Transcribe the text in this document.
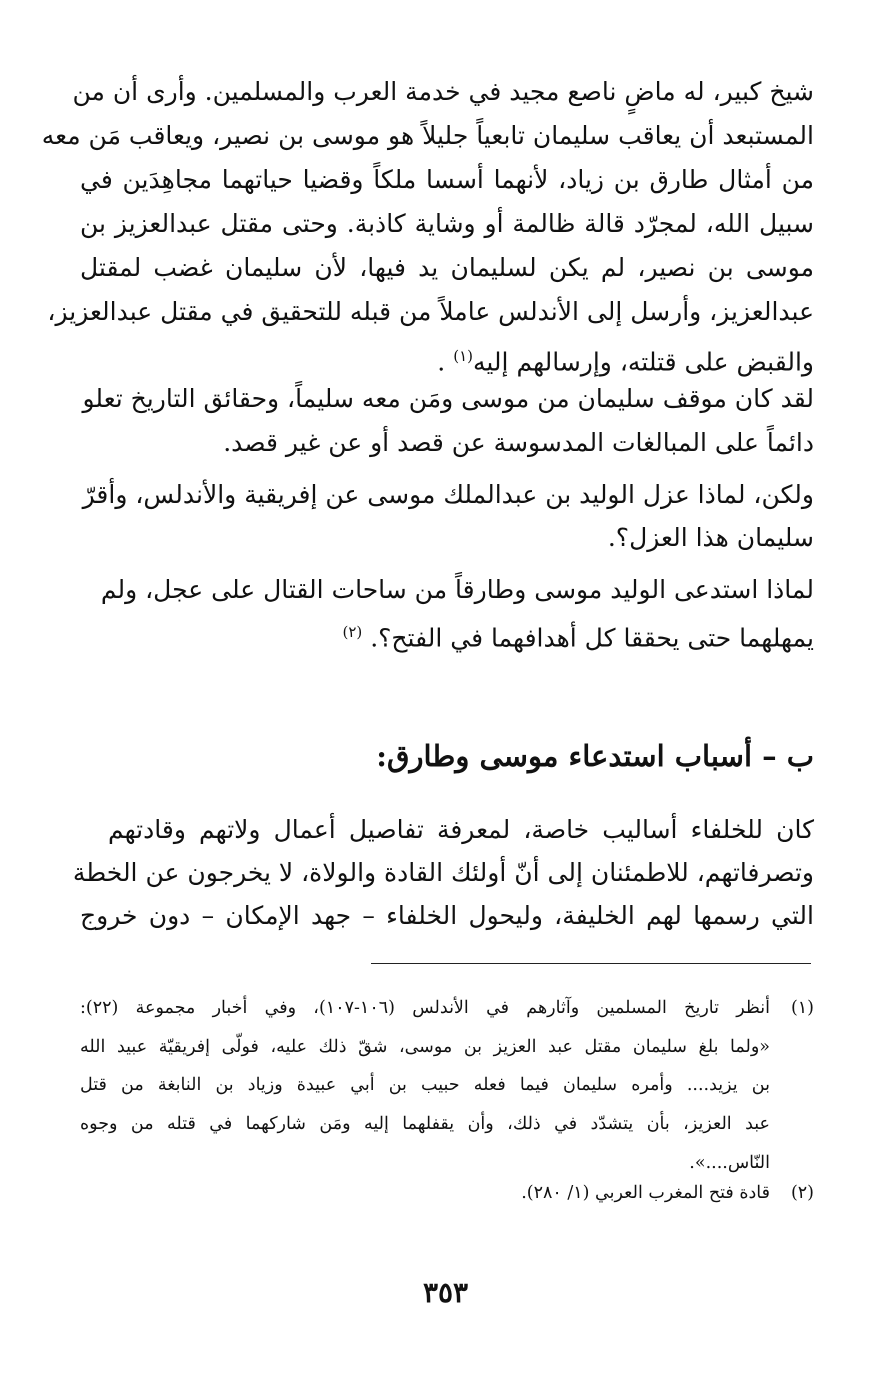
شيخ كبير، له ماضٍ ناصع مجيد في خدمة العرب والمسلمين. وأرى أن من
المستبعد أن يعاقب سليمان تابعياً جليلاً هو موسى بن نصير، ويعاقب مَن معه
من أمثال طارق بن زياد، لأنهما أسسا ملكاً وقضيا حياتهما مجاهِدَين في
سبيل الله، لمجرّد قالة ظالمة أو وشاية كاذبة. وحتى مقتل عبدالعزيز بن
موسى بن نصير، لم يكن لسليمان يد فيها، لأن سليمان غضب لمقتل
عبدالعزيز، وأرسل إلى الأندلس عاملاً من قبله للتحقيق في مقتل عبدالعزيز،
والقبض على قتلته، وإرسالهم إليه$^{(١)}$ .
لقد كان موقف سليمان من موسى ومَن معه سليماً، وحقائق التاريخ تعلو
دائماً على المبالغات المدسوسة عن قصد أو عن غير قصد.
ولكن، لماذا عزل الوليد بن عبدالملك موسى عن إفريقية والأندلس، وأقرّ
سليمان هذا العزل؟.
لماذا استدعى الوليد موسى وطارقاً من ساحات القتال على عجل، ولم
يمهلهما حتى يحققا كل أهدافهما في الفتح؟. $^{(٢)}$
ب – أسباب استدعاء موسى وطارق:
كان للخلفاء أساليب خاصة، لمعرفة تفاصيل أعمال ولاتهم وقادتهم
وتصرفاتهم، للاطمئنان إلى أنّ أولئك القادة والولاة، لا يخرجون عن الخطة
التي رسمها لهم الخليفة، وليحول الخلفاء – جهد الإمكان – دون خروج
(١)
أنظر تاريخ المسلمين وآثارهم في الأندلس (١٠٦-١٠٧)، وفي أخبار مجموعة (٢٢):
«ولما بلغ سليمان مقتل عبد العزيز بن موسى، شقّ ذلك عليه، فولّى إفريقيّة عبيد الله
بن يزيد.... وأمره سليمان فيما فعله حبيب بن أبي عبيدة وزياد بن النابغة من قتل
عبد العزيز، بأن يتشدّد في ذلك، وأن يقفلهما إليه ومَن شاركهما في قتله من وجوه
النّاس....».
(٢)
قادة فتح المغرب العربي (١/ ٢٨٠).
٣٥٣
